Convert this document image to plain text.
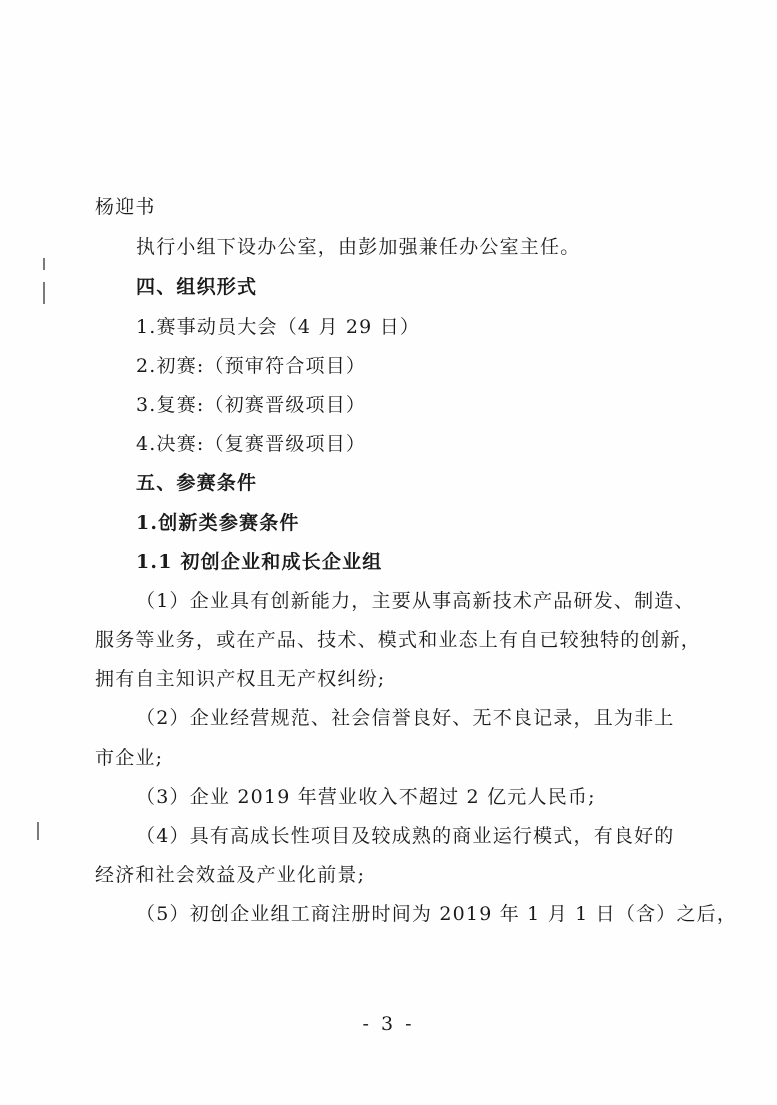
杨迎书
执行小组下设办公室，由彭加强兼任办公室主任。
四、组织形式
1.赛事动员大会（4 月 29 日）
2.初赛:（预审符合项目）
3.复赛:（初赛晋级项目）
4.决赛:（复赛晋级项目）
五、参赛条件
1.创新类参赛条件
1.1 初创企业和成长企业组
（1）企业具有创新能力，主要从事高新技术产品研发、制造、
服务等业务，或在产品、技术、模式和业态上有自已较独特的创新，
拥有自主知识产权且无产权纠纷;
（2）企业经营规范、社会信誉良好、无不良记录，且为非上
市企业;
（3）企业 2019 年营业收入不超过 2 亿元人民币;
（4）具有高成长性项目及较成熟的商业运行模式，有良好的
经济和社会效益及产业化前景;
（5）初创企业组工商注册时间为 2019 年 1 月 1 日（含）之后，
- 3 -
